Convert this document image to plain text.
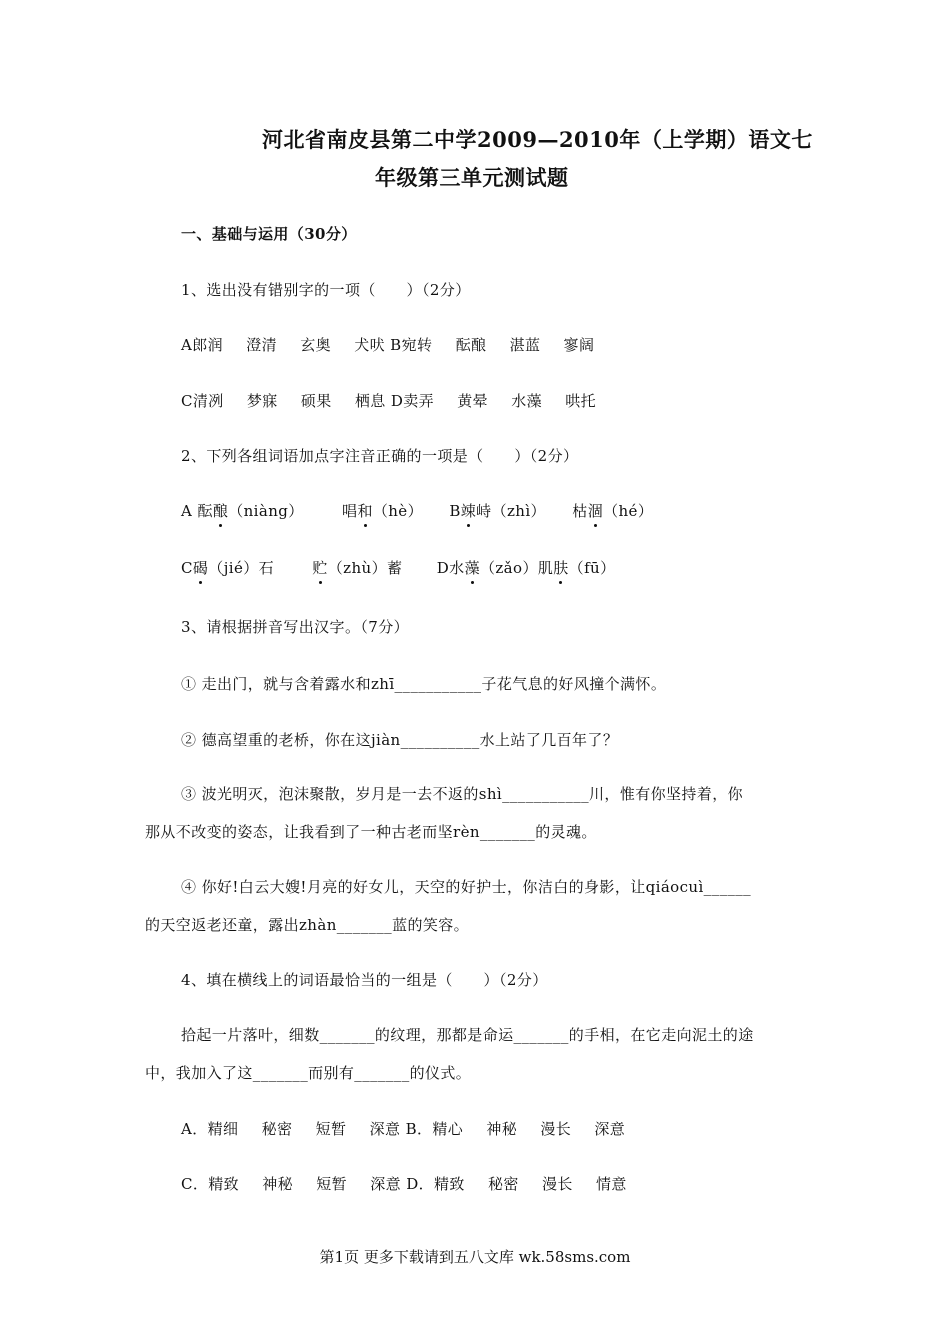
河北省南皮县第二中学2009—2010年（上学期）语文七
年级第三单元测试题
一、基础与运用（30分）
1、选出没有错别字的一项（　　）（2分）
A郎润 澄清 玄奥 犬吠 B宛转 酝酿 湛蓝 寥阔
C清冽 梦寐 硕果 栖息 D卖弄 黄晕 水藻 哄托
2、下列各组词语加点字注音正确的一项是（　　）（2分）
A 酝酿（niàng）	唱和（hè） B竦峙（zhì） 枯涸（hé）
C碣（jié）石	贮（zhù）蓄 D水藻（zǎo）肌肤（fū）
3、请根据拼音写出汉字。（7分）
① 走出门，就与含着露水和zhī___________子花气息的好风撞个满怀。
② 德高望重的老桥，你在这jiàn__________水上站了几百年了？
③ 波光明灭，泡沫聚散，岁月是一去不返的shì___________川，惟有你坚持着，你
那从不改变的姿态，让我看到了一种古老而坚rèn_______的灵魂。
④ 你好!白云大嫂!月亮的好女儿，天空的好护士，你洁白的身影，让qiáocuì______
的天空返老还童，露出zhàn_______蓝的笑容。
4、填在横线上的词语最恰当的一组是（　　）（2分）
拾起一片落叶，细数_______的纹理，那都是命运_______的手相，在它走向泥土的途
中，我加入了这_______而别有_______的仪式。
A．精细 秘密 短暂 深意 B．精心 神秘 漫长 深意
C．精致 神秘 短暂 深意 D．精致 秘密 漫长 情意
第1页 更多下载请到五八文库 wk.58sms.com
